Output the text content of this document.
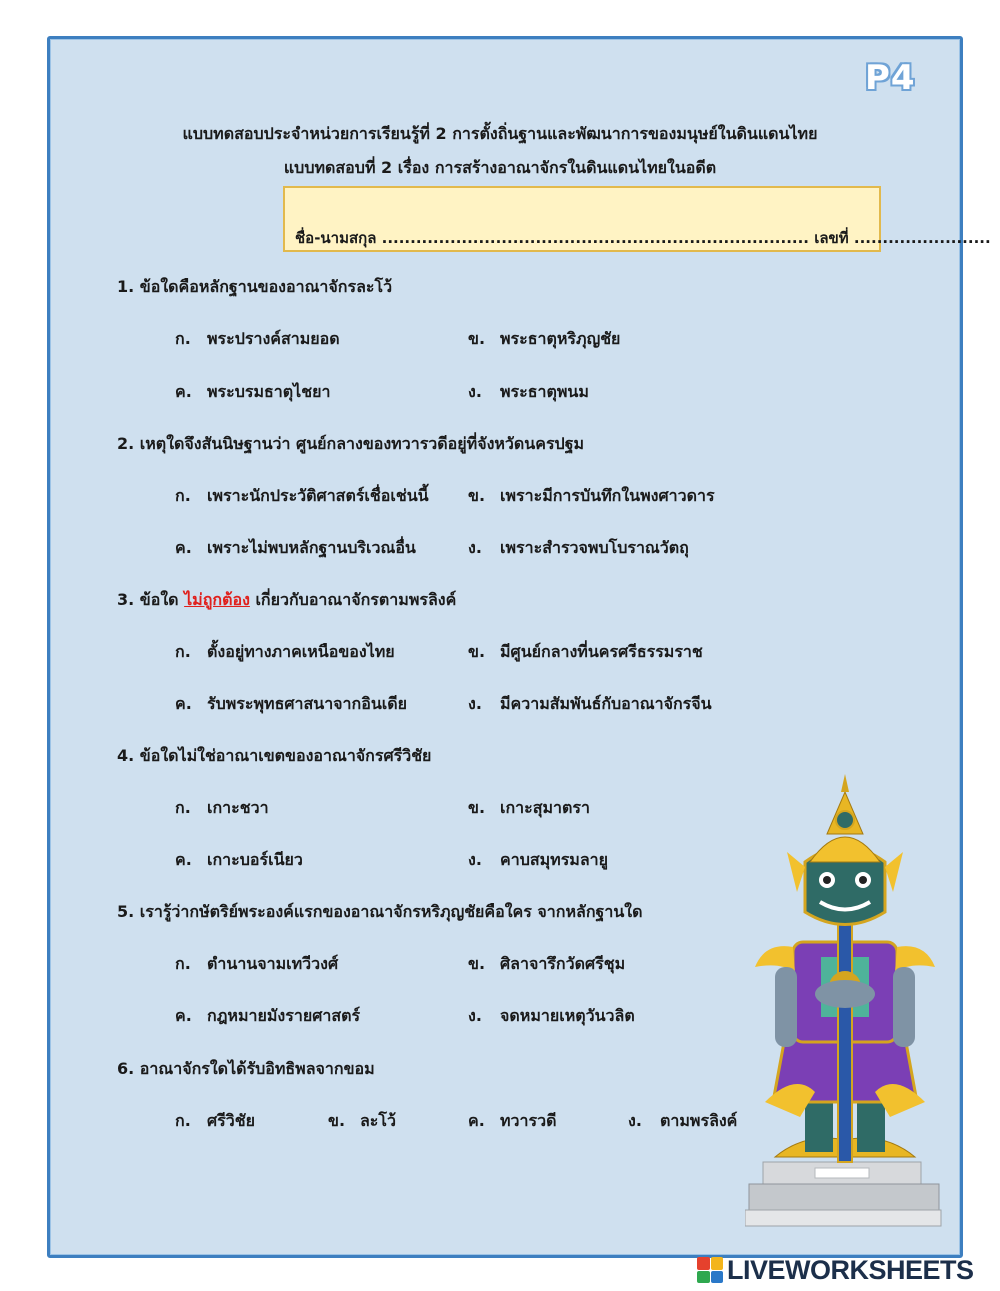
P4
แบบทดสอบประจำหน่วยการเรียนรู้ที่ 2 การตั้งถิ่นฐานและพัฒนาการของมนุษย์ในดินแดนไทย
แบบทดสอบที่ 2 เรื่อง การสร้างอาณาจักรในดินแดนไทยในอดีต
ชื่อ-นามสกุล ........................................................................... เลขที่ ........................
1. ข้อใดคือหลักฐานของอาณาจักรละโว้
ก. พระปรางค์สามยอด	ข. พระธาตุหริภุญชัย
ค. พระบรมธาตุไชยา	ง. พระธาตุพนม
2. เหตุใดจึงสันนิษฐานว่า ศูนย์กลางของทวารวดีอยู่ที่จังหวัดนครปฐม
ก. เพราะนักประวัติศาสตร์เชื่อเช่นนี้ ข. เพราะมีการบันทึกในพงศาวดาร
ค. เพราะไม่พบหลักฐานบริเวณอื่น	ง. เพราะสำรวจพบโบราณวัตถุ
3. ข้อใด ไม่ถูกต้อง เกี่ยวกับอาณาจักรตามพรลิงค์
ก. ตั้งอยู่ทางภาคเหนือของไทย	ข. มีศูนย์กลางที่นครศรีธรรมราช
ค. รับพระพุทธศาสนาจากอินเดีย	ง. มีความสัมพันธ์กับอาณาจักรจีน
4. ข้อใดไม่ใช่อาณาเขตของอาณาจักรศรีวิชัย
ก. เกาะชวา	ข. เกาะสุมาตรา
ค. เกาะบอร์เนียว	ง. คาบสมุทรมลายู
5. เรารู้ว่ากษัตริย์พระองค์แรกของอาณาจักรหริภุญชัยคือใคร จากหลักฐานใด
ก. ตำนานจามเทวีวงศ์	ข. ศิลาจารึกวัดศรีชุม
ค. กฎหมายมังรายศาสตร์	ง. จดหมายเหตุวันวลิต
6. อาณาจักรใดได้รับอิทธิพลจากขอม
ก. ศรีวิชัย	ข. ละโว้	ค. ทวารวดี	ง. ตามพรลิงค์
LIVEWORKSHEETS
